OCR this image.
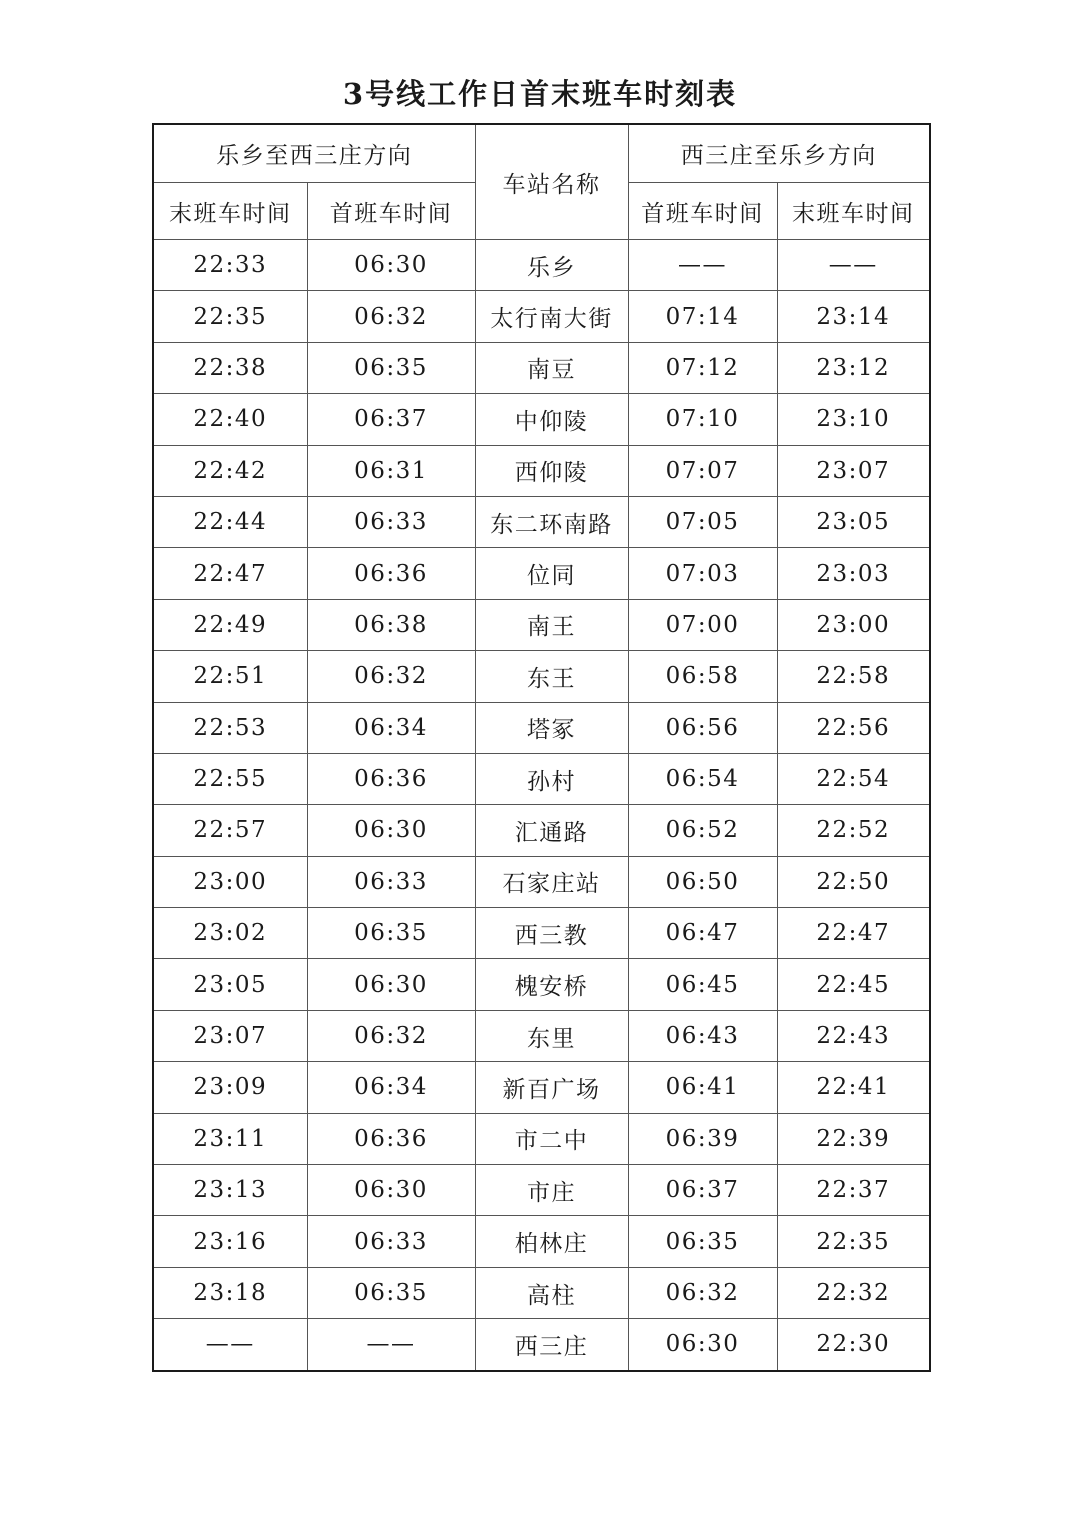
3号线工作日首末班车时刻表
乐乡至西三庄方向		车站名称	西三庄至乐乡方向	
末班车时间	首班车时间		首班车时间	末班车时间
22:33	06:30	乐乡	——	——
22:35	06:32	太行南大街	07:14	23:14
22:38	06:35	南豆	07:12	23:12
22:40	06:37	中仰陵	07:10	23:10
22:42	06:31	西仰陵	07:07	23:07
22:44	06:33	东二环南路	07:05	23:05
22:47	06:36	位同	07:03	23:03
22:49	06:38	南王	07:00	23:00
22:51	06:32	东王	06:58	22:58
22:53	06:34	塔冢	06:56	22:56
22:55	06:36	孙村	06:54	22:54
22:57	06:30	汇通路	06:52	22:52
23:00	06:33	石家庄站	06:50	22:50
23:02	06:35	西三教	06:47	22:47
23:05	06:30	槐安桥	06:45	22:45
23:07	06:32	东里	06:43	22:43
23:09	06:34	新百广场	06:41	22:41
23:11	06:36	市二中	06:39	22:39
23:13	06:30	市庄	06:37	22:37
23:16	06:33	柏林庄	06:35	22:35
23:18	06:35	高柱	06:32	22:32
——	——	西三庄	06:30	22:30
